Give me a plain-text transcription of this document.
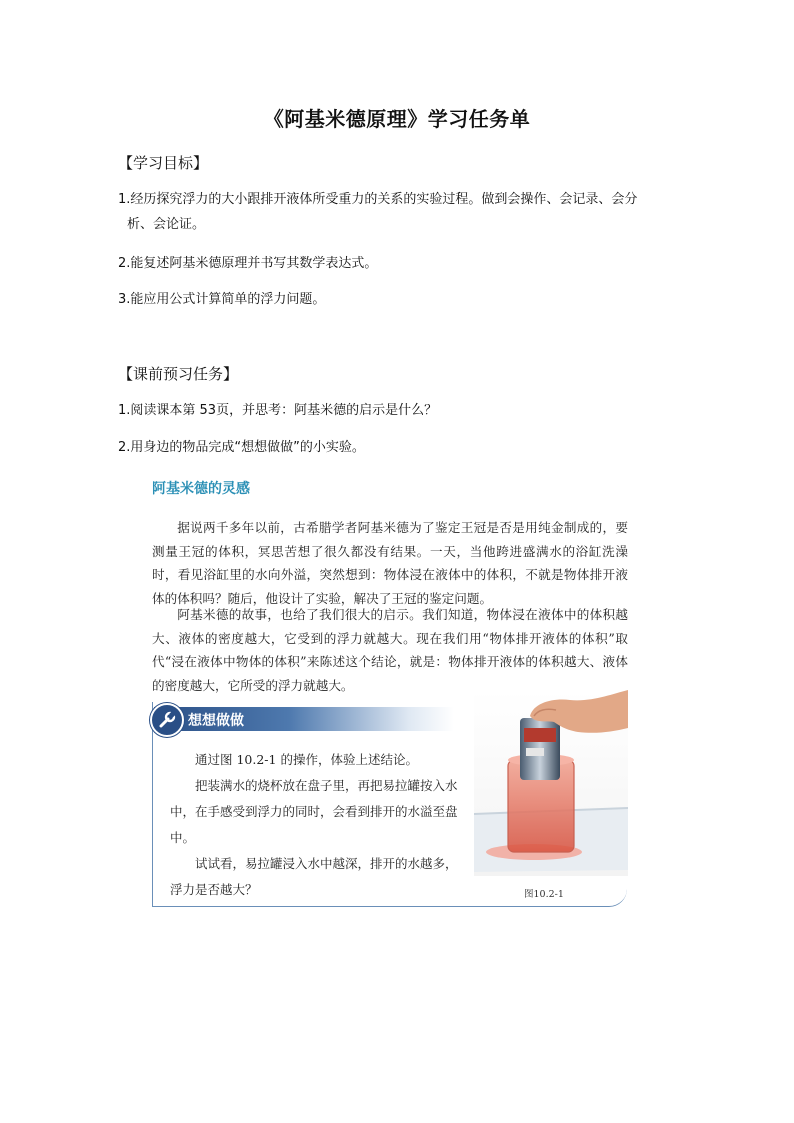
《阿基米德原理》学习任务单
【学习目标】
1.经历探究浮力的大小跟排开液体所受重力的关系的实验过程。做到会操作、会记录、会分
析、会论证。
2.能复述阿基米德原理并书写其数学表达式。
3.能应用公式计算简单的浮力问题。
【课前预习任务】
1.阅读课本第 53页，并思考：阿基米德的启示是什么？
2.用身边的物品完成“想想做做”的小实验。
阿基米德的灵感
据说两千多年以前，古希腊学者阿基米德为了鉴定王冠是否是用纯金制成的，要测量王冠的体积，冥思苦想了很久都没有结果。一天，当他跨进盛满水的浴缸洗澡时，看见浴缸里的水向外溢，突然想到：物体浸在液体中的体积，不就是物体排开液体的体积吗？随后，他设计了实验，解决了王冠的鉴定问题。
阿基米德的故事，也给了我们很大的启示。我们知道，物体浸在液体中的体积越大、液体的密度越大，它受到的浮力就越大。现在我们用“物体排开液体的体积”取代“浸在液体中物体的体积”来陈述这个结论，就是：物体排开液体的体积越大、液体的密度越大，它所受的浮力就越大。
想想做做

通过图 10.2-1 的操作，体验上述结论。

把装满水的烧杯放在盘子里，再把易拉罐按入水中，在手感受到浮力的同时，会看到排开的水溢至盘中。

试试看，易拉罐浸入水中越深，排开的水越多，浮力是否越大？	图10.2-1
